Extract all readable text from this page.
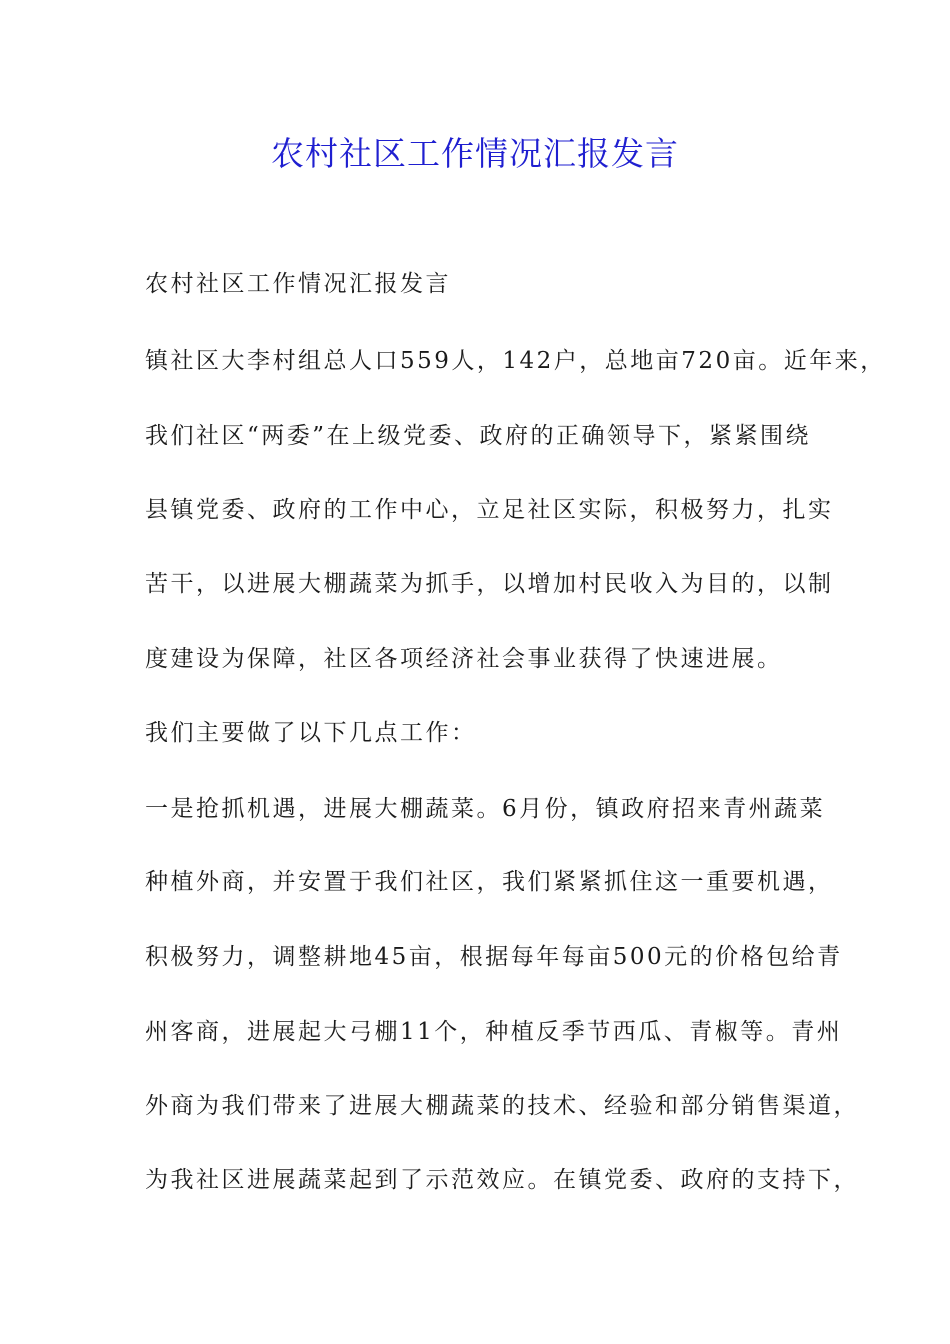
农村社区工作情况汇报发言

农村社区工作情况汇报发言

镇社区大李村组总人口559人，142户，总地亩720亩。近年来，

我们社区“两委”在上级党委、政府的正确领导下，紧紧围绕

县镇党委、政府的工作中心，立足社区实际，积极努力，扎实

苦干，以进展大棚蔬菜为抓手，以增加村民收入为目的，以制

度建设为保障，社区各项经济社会事业获得了快速进展。

我们主要做了以下几点工作：

一是抢抓机遇，进展大棚蔬菜。6月份，镇政府招来青州蔬菜

种植外商，并安置于我们社区，我们紧紧抓住这一重要机遇，

积极努力，调整耕地45亩，根据每年每亩500元的价格包给青

州客商，进展起大弓棚11个，种植反季节西瓜、青椒等。青州

外商为我们带来了进展大棚蔬菜的技术、经验和部分销售渠道，

为我社区进展蔬菜起到了示范效应。在镇党委、政府的支持下，
